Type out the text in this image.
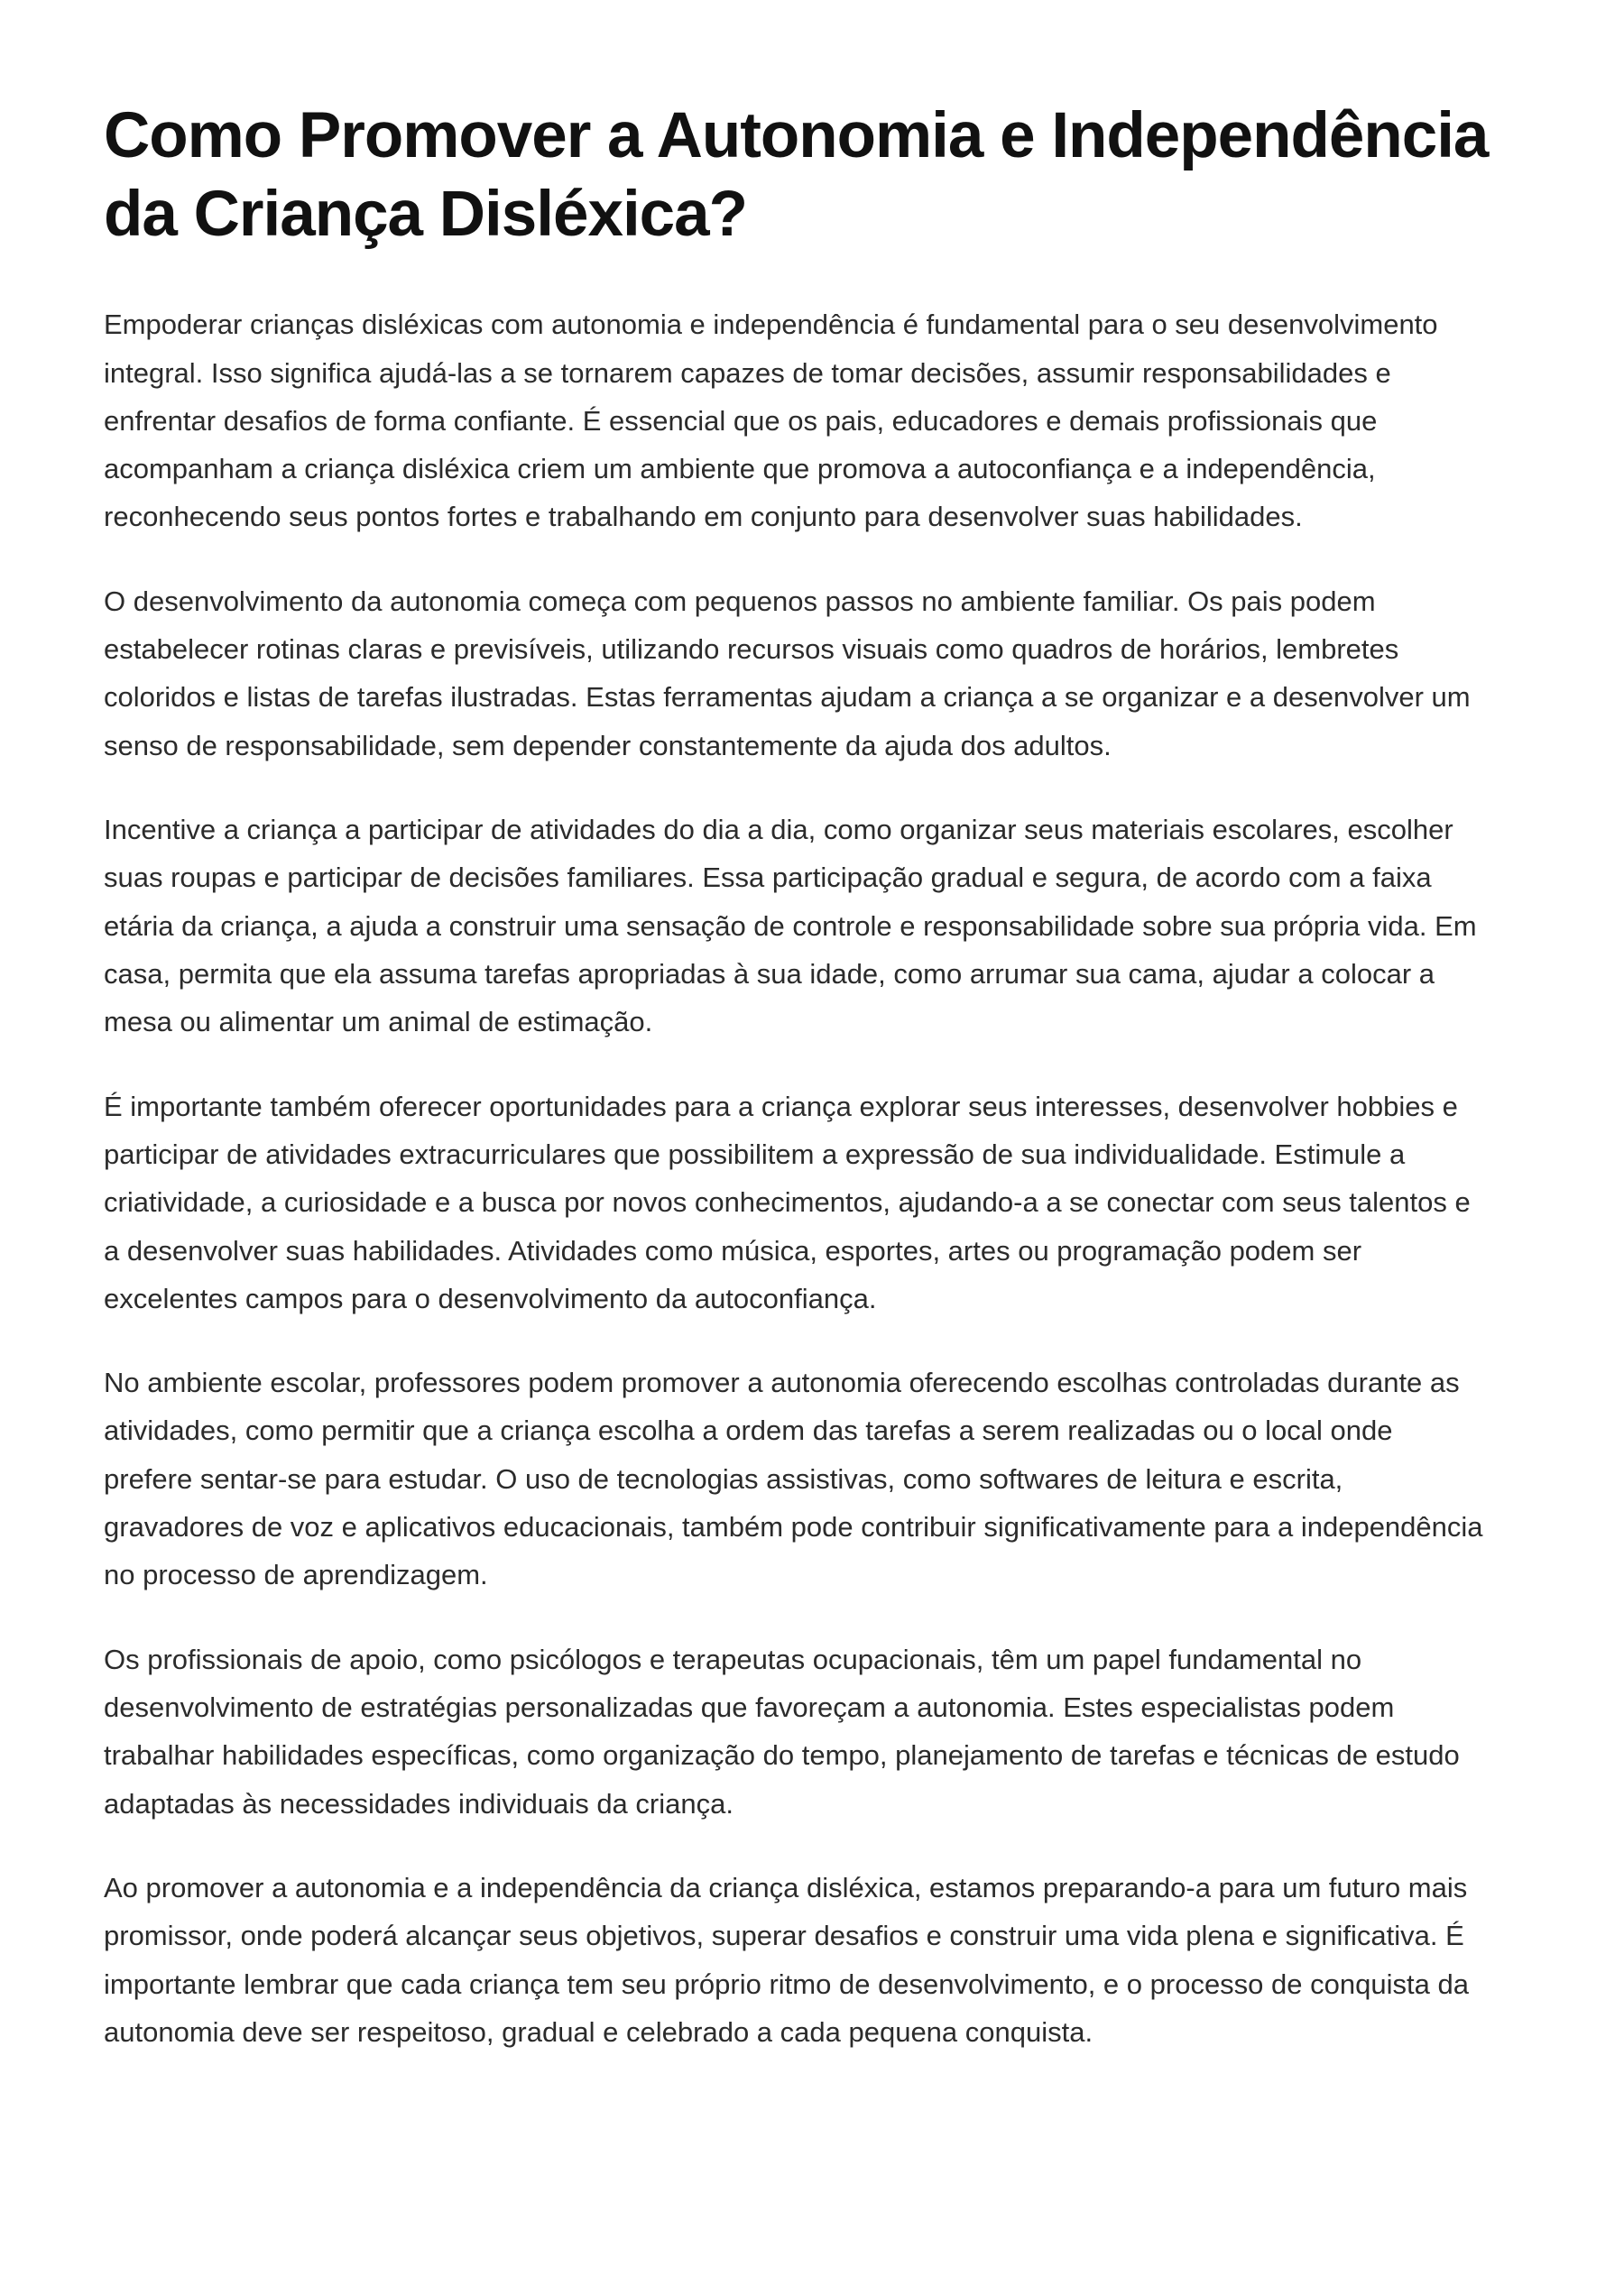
Como Promover a Autonomia e Independência da Criança Disléxica?

Empoderar crianças disléxicas com autonomia e independência é fundamental para o seu desenvolvimento integral. Isso significa ajudá-las a se tornarem capazes de tomar decisões, assumir responsabilidades e enfrentar desafios de forma confiante. É essencial que os pais, educadores e demais profissionais que acompanham a criança disléxica criem um ambiente que promova a autoconfiança e a independência, reconhecendo seus pontos fortes e trabalhando em conjunto para desenvolver suas habilidades.

O desenvolvimento da autonomia começa com pequenos passos no ambiente familiar. Os pais podem estabelecer rotinas claras e previsíveis, utilizando recursos visuais como quadros de horários, lembretes coloridos e listas de tarefas ilustradas. Estas ferramentas ajudam a criança a se organizar e a desenvolver um senso de responsabilidade, sem depender constantemente da ajuda dos adultos.

Incentive a criança a participar de atividades do dia a dia, como organizar seus materiais escolares, escolher suas roupas e participar de decisões familiares. Essa participação gradual e segura, de acordo com a faixa etária da criança, a ajuda a construir uma sensação de controle e responsabilidade sobre sua própria vida. Em casa, permita que ela assuma tarefas apropriadas à sua idade, como arrumar sua cama, ajudar a colocar a mesa ou alimentar um animal de estimação.

É importante também oferecer oportunidades para a criança explorar seus interesses, desenvolver hobbies e participar de atividades extracurriculares que possibilitem a expressão de sua individualidade. Estimule a criatividade, a curiosidade e a busca por novos conhecimentos, ajudando-a a se conectar com seus talentos e a desenvolver suas habilidades. Atividades como música, esportes, artes ou programação podem ser excelentes campos para o desenvolvimento da autoconfiança.

No ambiente escolar, professores podem promover a autonomia oferecendo escolhas controladas durante as atividades, como permitir que a criança escolha a ordem das tarefas a serem realizadas ou o local onde prefere sentar-se para estudar. O uso de tecnologias assistivas, como softwares de leitura e escrita, gravadores de voz e aplicativos educacionais, também pode contribuir significativamente para a independência no processo de aprendizagem.

Os profissionais de apoio, como psicólogos e terapeutas ocupacionais, têm um papel fundamental no desenvolvimento de estratégias personalizadas que favoreçam a autonomia. Estes especialistas podem trabalhar habilidades específicas, como organização do tempo, planejamento de tarefas e técnicas de estudo adaptadas às necessidades individuais da criança.

Ao promover a autonomia e a independência da criança disléxica, estamos preparando-a para um futuro mais promissor, onde poderá alcançar seus objetivos, superar desafios e construir uma vida plena e significativa. É importante lembrar que cada criança tem seu próprio ritmo de desenvolvimento, e o processo de conquista da autonomia deve ser respeitoso, gradual e celebrado a cada pequena conquista.
